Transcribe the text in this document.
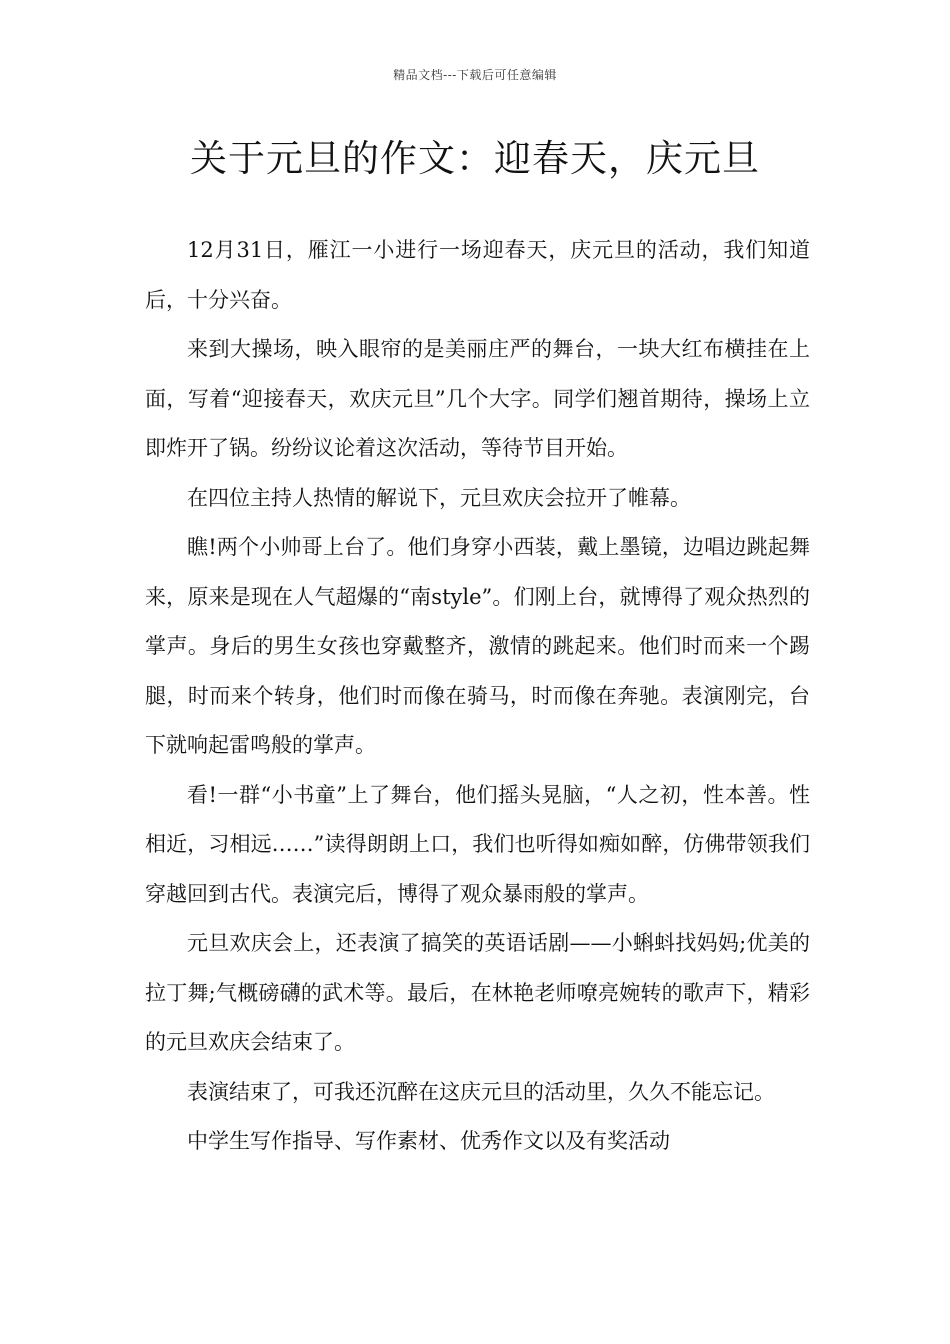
精品文档---下载后可任意编辑
关于元旦的作文：迎春天，庆元旦

12月31日，雁江一小进行一场迎春天，庆元旦的活动，我们知道后，十分兴奋。

来到大操场，映入眼帘的是美丽庄严的舞台，一块大红布横挂在上面，写着“迎接春天，欢庆元旦”几个大字。同学们翘首期待，操场上立即炸开了锅。纷纷议论着这次活动，等待节目开始。

在四位主持人热情的解说下，元旦欢庆会拉开了帷幕。

瞧!两个小帅哥上台了。他们身穿小西装，戴上墨镜，边唱边跳起舞来，原来是现在人气超爆的“南style”。们刚上台，就博得了观众热烈的掌声。身后的男生女孩也穿戴整齐，激情的跳起来。他们时而来一个踢腿，时而来个转身，他们时而像在骑马，时而像在奔驰。表演刚完，台下就响起雷鸣般的掌声。

看!一群“小书童”上了舞台，他们摇头晃脑，“人之初，性本善。性相近，习相远……”读得朗朗上口，我们也听得如痴如醉，仿佛带领我们穿越回到古代。表演完后，博得了观众暴雨般的掌声。

元旦欢庆会上，还表演了搞笑的英语话剧——小蝌蚪找妈妈;优美的拉丁舞;气概磅礴的武术等。最后，在林艳老师嘹亮婉转的歌声下，精彩的元旦欢庆会结束了。

表演结束了，可我还沉醉在这庆元旦的活动里，久久不能忘记。

中学生写作指导、写作素材、优秀作文以及有奖活动
